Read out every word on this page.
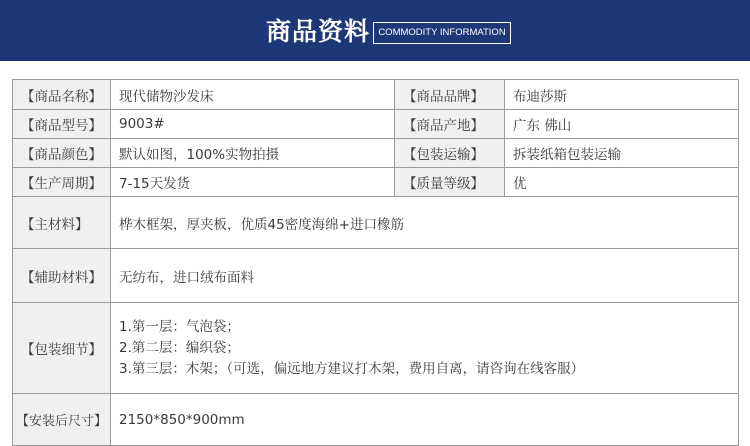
商品资料 COMMODITY INFORMATION
【商品名称】	现代储物沙发床	【商品品牌】	布迪莎斯
【商品型号】	9003#	【商品产地】	广东 佛山
【商品颜色】	默认如图，100%实物拍摄	【包装运输】	拆装纸箱包装运输
【生产周期】	7-15天发货	【质量等级】	优
【主材料】	桦木框架，厚夹板，优质45密度海绵+进口橡筋		
【辅助材料】	无纺布，进口绒布面料		
【包装细节】	1.第一层：气泡袋；
2.第二层：编织袋；
3.第三层：木架；（可选，偏远地方建议打木架，费用自离，请咨询在线客服）		

【安装后尺寸】	2150*850*900mm		
